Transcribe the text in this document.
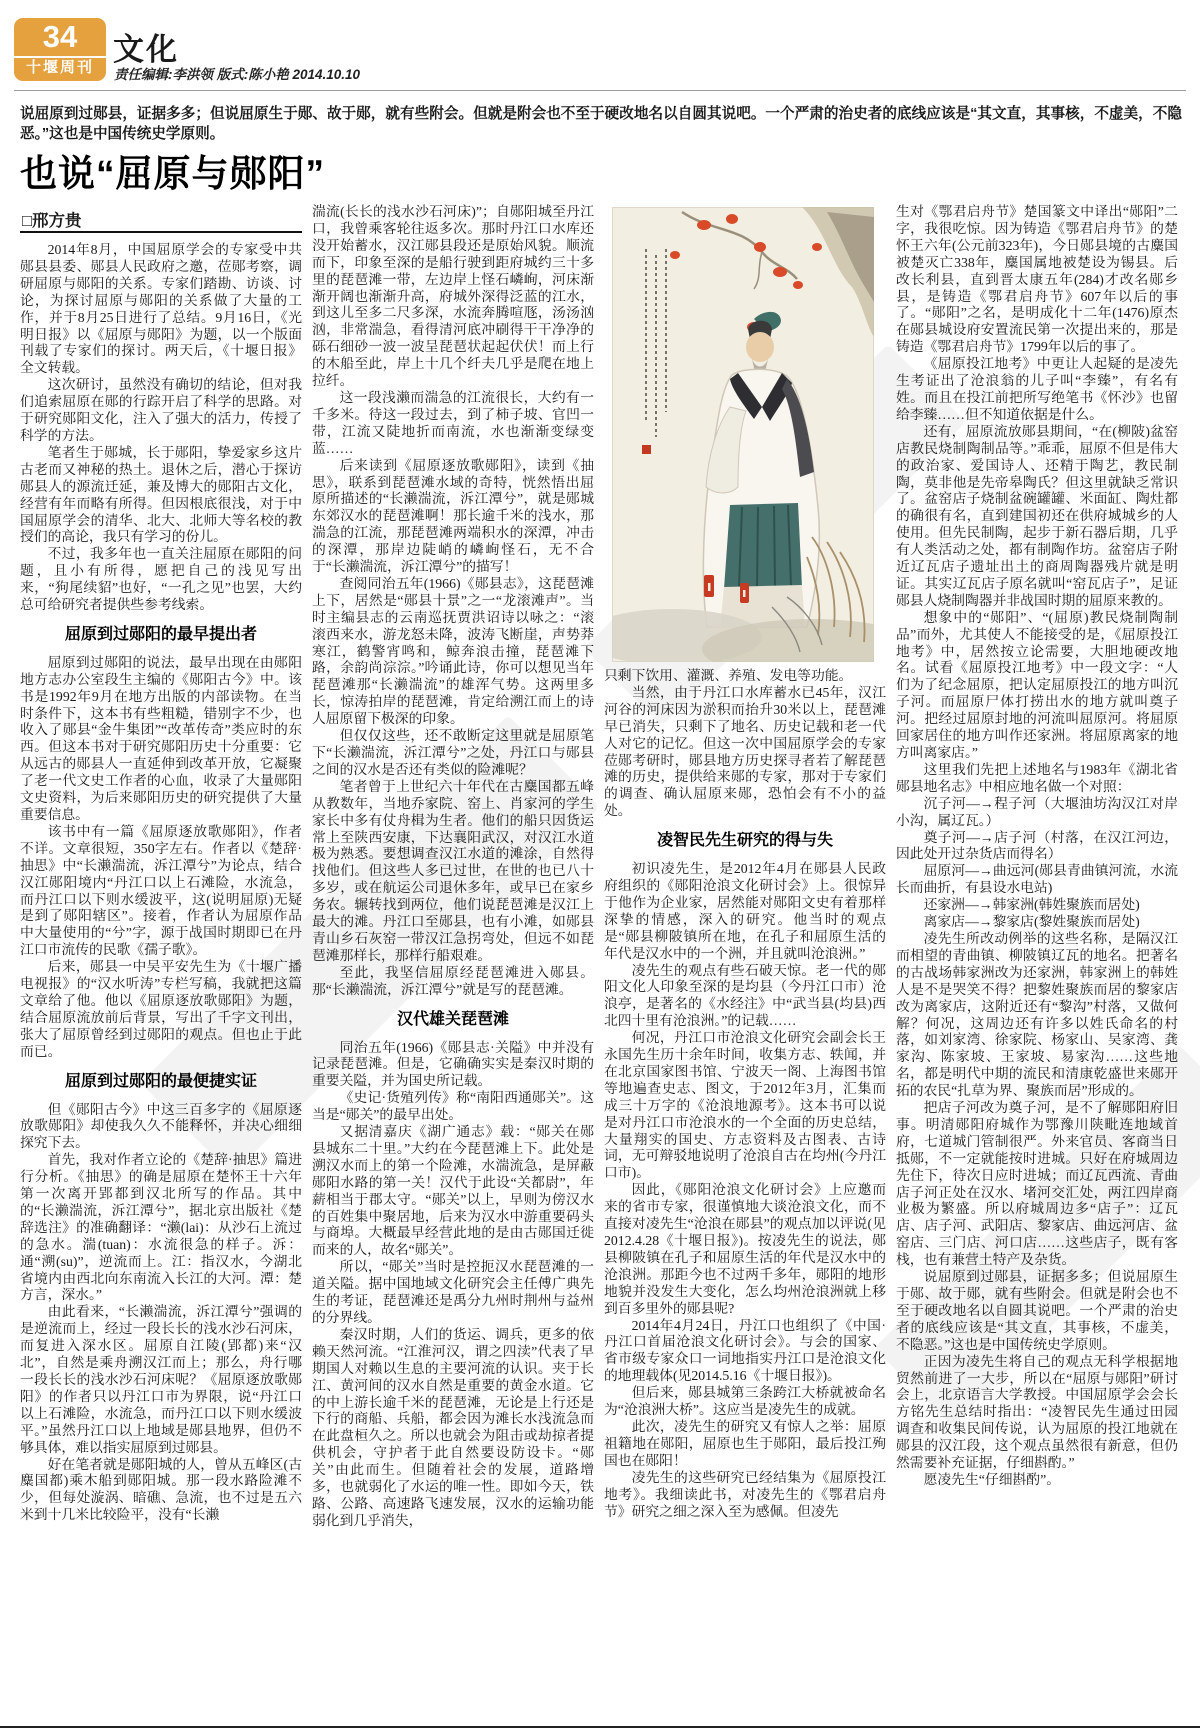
34
十堰周刊
文化
责任编辑:李洪领 版式:陈小艳 2014.10.10
说屈原到过郧县，证据多多；但说屈原生于郧、故于郧，就有些附会。但就是附会也不至于硬改地名以自圆其说吧。一个严肃的治史者的底线应该是“其文直，其事核，不虚美，不隐恶。”这也是中国传统史学原则。
也说“屈原与郧阳”
□邢方贵

2014年8月，中国屈原学会的专家受中共郧县县委、郧县人民政府之邀，莅郧考察，调研屈原与郧阳的关系。专家们踏勘、访谈、讨论，为探讨屈原与郧阳的关系做了大量的工作，并于8月25日进行了总结。9月16日，《光明日报》以《屈原与郧阳》为题，以一个版面刊载了专家们的探讨。两天后，《十堰日报》全文转载。

这次研讨，虽然没有确切的结论，但对我们追索屈原在郧的行踪开启了科学的思路。对于研究郧阳文化，注入了强大的活力，传授了科学的方法。

笔者生于郧城，长于郧阳，挚爱家乡这片古老而又神秘的热土。退休之后，潜心于探访郧县人的源流迁延，兼及博大的郧阳古文化，经营有年而略有所得。但因根底很浅，对于中国屈原学会的清华、北大、北师大等名校的教授们的高论，我只有学习的份儿。

不过，我多年也一直关注屈原在郧阳的问题，且小有所得，愿把自己的浅见写出来，“狗尾续貂”也好，“一孔之见”也罢，大约总可给研究者提供些参考线索。

屈原到过郧阳的最早提出者

屈原到过郧阳的说法，最早出现在由郧阳地方志办公室段生主编的《郧阳古今》中。该书是1992年9月在地方出版的内部读物。在当时条件下，这本书有些粗糙，错别字不少，也收入了郧县“金牛集团”“改革传奇”类应时的东西。但这本书对于研究郧阳历史十分重要：它从远古的郧县人一直延伸到改革开放，它凝聚了老一代文史工作者的心血，收录了大量郧阳文史资料，为后来郧阳历史的研究提供了大量重要信息。

该书中有一篇《屈原逐放歌郧阳》，作者不详。文章很短，350字左右。作者以《楚辞·抽思》中“长濑湍流，泝江潭兮”为论点，结合汉江郧阳境内“丹江口以上石滩险，水流急，而丹江口以下则水缓波平，这(说明屈原)无疑是到了郧阳辖区”。接着，作者认为屈原作品中大量使用的“兮”字，源于战国时期即已在丹江口市流传的民歌《孺子歌》。

后来，郧县一中吴平安先生为《十堰广播电视报》的“汉水听涛”专栏写稿，我就把这篇文章给了他。他以《屈原逐放歌郧阳》为题，结合屈原流放前后背景，写出了千字文刊出，张大了屈原曾经到过郧阳的观点。但也止于此而已。

屈原到过郧阳的最便捷实证

但《郧阳古今》中这三百多字的《屈原逐放歌郧阳》却使我久久不能释怀，并决心细细探究下去。

首先，我对作者立论的《楚辞·抽思》篇进行分析。《抽思》的确是屈原在楚怀王十六年第一次离开郢都到汉北所写的作品。其中的“长濑湍流，泝江潭兮”，据北京出版社《楚辞选注》的准确翻译：“濑(lai)：从沙石上流过的急水。湍(tuan)：水流很急的样子。泝：通“溯(su)”，逆流而上。江：指汉水，今湖北省境内由西北向东南流入长江的大河。潭：楚方言，深水。”

由此看来，“长濑湍流，泝江潭兮”强调的是逆流而上，经过一段长长的浅水沙石河床，而复进入深水区。屈原自江陵(郢都)来“汉北”，自然是乘舟溯汉江而上；那么，舟行哪一段长长的浅水沙石河床呢？《屈原逐放歌郧阳》的作者只以丹江口市为界限，说“丹江口以上石滩险，水流急，而丹江口以下则水缓波平。”虽然丹江口以上地域是郧县地界，但仍不够具体，难以指实屈原到过郧县。

好在笔者就是郧阳城的人，曾从五峰区(古麋国都)乘木船到郧阳城。那一段水路险滩不少，但每处漩涡、暗礁、急流，也不过是五六米到十几米比较险平，没有“长濑

湍流(长长的浅水沙石河床)”；自郧阳城至丹江口，我曾乘客轮往返多次。那时丹江口水库还没开始蓄水，汉江郧县段还是原始风貌。顺流而下，印象至深的是船行驶到距府城约三十多里的琵琶滩一带，左边岸上怪石嶙峋，河床渐渐开阔也渐渐升高，府城外深得泛蓝的江水，到这儿至多二尺多深，水流奔腾喧豗，汤汤汹汹，非常湍急，看得清河底冲刷得干干净净的砾石细砂一波一波呈琵琶状起起伏伏！而上行的木船至此，岸上十几个纤夫几乎是爬在地上拉纤。

这一段浅濑而湍急的江流很长，大约有一千多米。待这一段过去，到了柿子坡、官凹一带，江流又陡地折而南流，水也渐渐变绿变蓝……

后来读到《屈原逐放歌郧阳》，读到《抽思》，联系到琵琶滩水域的奇特，恍然悟出屈原所描述的“长濑湍流，泝江潭兮”，就是郧城东郊汉水的琵琶滩啊！那长逾千米的浅水，那湍急的江流，那琵琶滩两端积水的深潭，冲击的深潭，那岸边陡峭的嶙峋怪石，无不合于“长濑湍流，泝江潭兮”的描写！

查阅同治五年(1966)《郧县志》，这琵琶滩上下，居然是“郧县十景”之一“龙滚滩声”。当时主编县志的云南巡抚贾洪诏诗以咏之：“滚滚西来水，游龙怒未降，波涛飞断崖，声势莽寒江，鹤警宵鸣和，鲸奔浪击撞，琵琶滩下路，余韵尚淙淙。”吟诵此诗，你可以想见当年琵琶滩那“长濑湍流”的雄浑气势。这两里多长，惊涛拍岸的琵琶滩，肯定给溯江而上的诗人屈原留下极深的印象。

但仅仅这些，还不敢断定这里就是屈原笔下“长濑湍流，泝江潭兮”之处，丹江口与郧县之间的汉水是否还有类似的险滩呢？

笔者曾于上世纪六十年代在古麋国都五峰从教数年，当地乔家院、窑上、肖家河的学生家长中多有仗舟楫为生者。他们的船只因货运常上至陕西安康，下达襄阳武汉，对汉江水道极为熟悉。要想调查汉江水道的滩涂，自然得找他们。但这些人多已过世，在世的也已八十多岁，或在航运公司退休多年，或早已在家乡务农。辗转找到两位，他们说琵琶滩是汉江上最大的滩。丹江口至郧县，也有小滩，如郧县青山乡石灰窑一带汉江急拐弯处，但远不如琵琶滩那样长，那样行船艰难。

至此，我坚信屈原经琵琶滩进入郧县。那“长濑湍流，泝江潭兮”就是写的琵琶滩。

汉代雄关琵琶滩

同治五年(1966)《郧县志·关隘》中并没有记录琵琶滩。但是，它确确实实是秦汉时期的重要关隘，并为国史所记载。

《史记·货殖列传》称“南阳西通郧关”。这当是“郧关”的最早出处。

又据清嘉庆《湖广通志》载：“郧关在郧县城东二十里。”大约在今琵琶滩上下。此处是溯汉水而上的第一个险滩，水湍流急，是屏蔽郧阳水路的第一关！汉代于此设“关都尉”，年薪相当于郡太守。“郧关”以上，早则为傍汉水的百姓集中聚居地，后来为汉水中游重要码头与商埠。大概最早经营此地的是由古郧国迁徙而来的人，故名“郧关”。

所以，“郧关”当时是控扼汉水琵琶滩的一道关隘。据中国地域文化研究会主任傅广典先生的考证，琵琶滩还是禹分九州时荆州与益州的分界线。

秦汉时期，人们的货运、调兵，更多的依赖天然河流。“江淮河汉，谓之四渎”代表了早期国人对赖以生息的主要河流的认识。夹于长江、黄河间的汉水自然是重要的黄金水道。它的中上游长逾千米的琵琶滩，无论是上行还是下行的商船、兵船，都会因为滩长水浅流急而在此盘桓久之。所以也就会为阻击或劫掠者提供机会，守护者于此自然要设防设卡。“郧关”由此而生。但随着社会的发展，道路增多，也就弱化了水运的唯一性。即如今天，铁路、公路、高速路飞速发展，汉水的运输功能弱化到几乎消失，

只剩下饮用、灌溉、养殖、发电等功能。

当然，由于丹江口水库蓄水已45年，汉江河谷的河床因为淤积而抬升30米以上，琵琶滩早已消失，只剩下了地名、历史记载和老一代人对它的记忆。但这一次中国屈原学会的专家莅郧考研时，郧县地方历史探寻者若了解琵琶滩的历史，提供给来郧的专家，那对于专家们的调查、确认屈原来郧，恐怕会有不小的益处。

凌智民先生研究的得与失

初识凌先生，是2012年4月在郧县人民政府组织的《郧阳沧浪文化研讨会》上。很惊异于他作为企业家，居然能对郧阳文史有着那样深挚的情感，深入的研究。他当时的观点是“郧县柳陂镇所在地，在孔子和屈原生活的年代是汉水中的一个洲，并且就叫沧浪洲。”

凌先生的观点有些石破天惊。老一代的郧阳文化人印象至深的是均县（今丹江口市）沧浪亭，是著名的《水经注》中“武当县(均县)西北四十里有沧浪洲。”的记载……

何况，丹江口市沧浪文化研究会副会长王永国先生历十余年时间，收集方志、轶闻，并在北京国家图书馆、宁波天一阁、上海图书馆等地遍查史志、图文，于2012年3月，汇集而成三十万字的《沧浪地源考》。这本书可以说是对丹江口市沧浪水的一个全面的历史总结，大量翔实的国史、方志资料及古图表、古诗词，无可辩驳地说明了沧浪自古在均州(今丹江口市)。

因此，《郧阳沧浪文化研讨会》上应邀而来的省市专家，很谨慎地大谈沧浪文化，而不直接对凌先生“沧浪在郧县”的观点加以评说(见2012.4.28《十堰日报》)。按凌先生的说法，郧县柳陂镇在孔子和屈原生活的年代是汉水中的沧浪洲。那距今也不过两千多年，郧阳的地形地貌并没发生大变化，怎么均州沧浪洲就上移到百多里外的郧县呢?

2014年4月24日，丹江口也组织了《中国·丹江口首届沧浪文化研讨会》。与会的国家、省市级专家众口一词地指实丹江口是沧浪文化的地理载体(见2014.5.16《十堰日报》)。

但后来，郧县城第三条跨江大桥就被命名为“沧浪洲大桥”。这应当是凌先生的成就。

此次，凌先生的研究又有惊人之举：屈原祖籍地在郧阳，屈原也生于郧阳，最后投江殉国也在郧阳！

凌先生的这些研究已经结集为《屈原投江地考》。我细读此书，对凌先生的《鄂君启舟节》研究之细之深入至为感佩。但凌先

生对《鄂君启舟节》楚国篆文中译出“郧阳”二字，我很吃惊。因为铸造《鄂君启舟节》的楚怀王六年(公元前323年)，今日郧县境的古麋国被楚灭亡338年，麋国属地被楚设为锡县。后改长利县，直到晋太康五年(284)才改名郧乡县，是铸造《鄂君启舟节》607年以后的事了。“郧阳”之名，是明成化十二年(1476)原杰在郧县城设府安置流民第一次提出来的，那是铸造《鄂君启舟节》1799年以后的事了。

《屈原投江地考》中更让人起疑的是凌先生考证出了沧浪翁的儿子叫“李臻”，有名有姓。而且在投江前把所写绝笔书《怀沙》也留给李臻……但不知道依据是什么。

还有，屈原流放郧县期间，“在(柳陂)盆窑店教民烧制陶制品等。”乖乖，屈原不但是伟大的政治家、爱国诗人、还精于陶艺，教民制陶，莫非他是先帝皋陶氏？但这里就缺乏常识了。盆窑店子烧制盆碗罐罐、米面缸、陶灶都的确很有名，直到建国初还在供府城城乡的人使用。但先民制陶，起步于新石器后期，几乎有人类活动之处，都有制陶作坊。盆窑店子附近辽瓦店子遗址出土的商周陶器残片就是明证。其实辽瓦店子原名就叫“窑瓦店子”，足证郧县人烧制陶器并非战国时期的屈原来教的。

想象中的“郧阳”、“(屈原)教民烧制陶制品”而外，尤其使人不能接受的是，《屈原投江地考》中，居然按立论需要，大胆地硬改地名。试看《屈原投江地考》中一段文字：“人们为了纪念屈原，把认定屈原投江的地方叫沉子河。而屈原尸体打捞出水的地方就叫奠子河。把经过屈原封地的河流叫屈原河。将屈原回家居住的地方叫作还家洲。将屈原离家的地方叫离家店。”

这里我们先把上述地名与1983年《湖北省郧县地名志》中相应地名做一个对照：

沉子河—→程子河（大堰油坊沟汉江对岸小沟，属辽瓦。）

奠子河—→店子河（村落，在汉江河边，因此处开过杂货店而得名）

屈原河—→曲远河(郧县青曲镇河流，水流长而曲折，有县设水电站)

还家洲—→韩家洲(韩姓聚族而居处)

离家店—→黎家店(黎姓聚族而居处)

凌先生所改动例举的这些名称，是隔汉江而相望的青曲镇、柳陂镇辽瓦的地名。把著名的古战场韩家洲改为还家洲，韩家洲上的韩姓人是不是哭笑不得？把黎姓聚族而居的黎家店改为离家店，这附近还有“黎沟”村落，又做何解？何况，这周边还有许多以姓氏命名的村落，如刘家湾、徐家院、杨家山、吴家湾、龚家沟、陈家坡、王家坡、易家沟……这些地名，都是明代中期的流民和清康乾盛世来郧开拓的农民“扎草为界、聚族而居”形成的。

把店子河改为奠子河，是不了解郧阳府旧事。明清郧阳府城作为鄂豫川陕毗连地域首府，七道城门管制很严。外来官员、客商当日抵郧，不一定就能按时进城。只好在府城周边先住下，待次日应时进城；而辽瓦西流、青曲店子河正处在汉水、堵河交汇处，两江四岸商业极为繁盛。所以府城周边多“店子”：辽瓦店、店子河、武阳店、黎家店、曲远河店、盆窑店、三门店、河口店……这些店子，既有客栈，也有兼营土特产及杂货。

说屈原到过郧县，证据多多；但说屈原生于郧、故于郧，就有些附会。但就是附会也不至于硬改地名以自圆其说吧。一个严肃的治史者的底线应该是“其文直，其事核，不虚美，不隐恶。”这也是中国传统史学原则。

正因为凌先生将自己的观点无科学根据地贸然前进了一大步，所以在“屈原与郧阳”研讨会上，北京语言大学教授。中国屈原学会会长方铭先生总结时指出：“凌智民先生通过田园调查和收集民间传说，认为屈原的投江地就在郧县的汉江段，这个观点虽然很有新意，但仍然需要补充证据，仔细斟酌。”

愿凌先生“仔细斟酌”。
